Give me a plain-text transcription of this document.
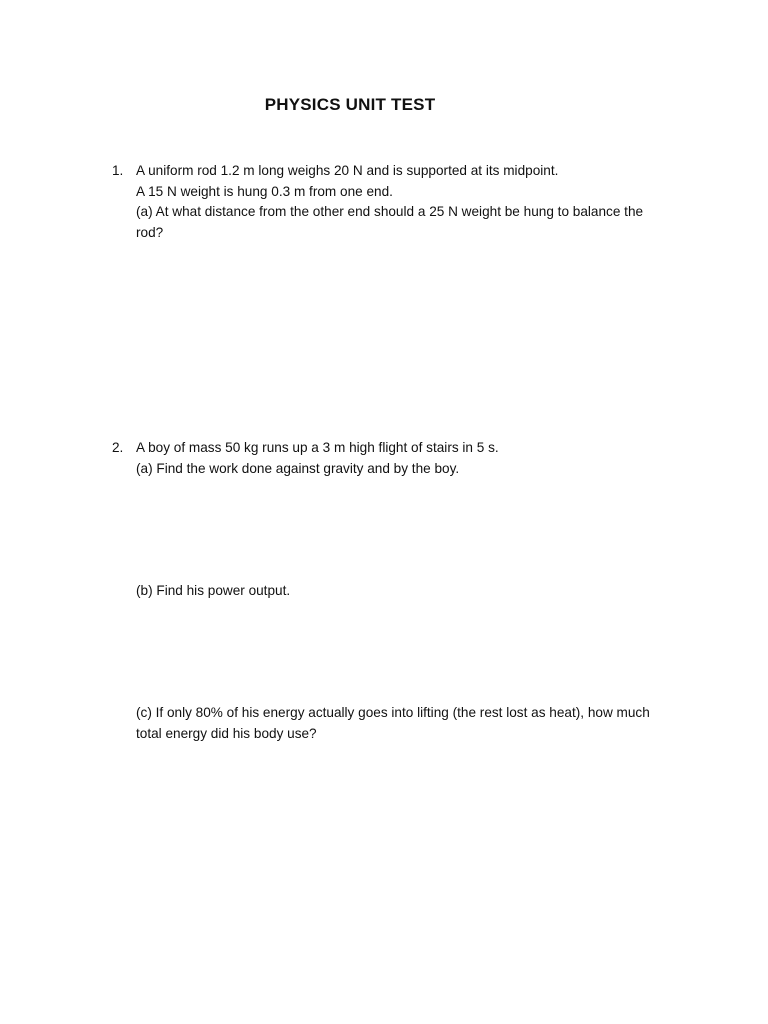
PHYSICS UNIT TEST
1. A uniform rod 1.2 m long weighs 20 N and is supported at its midpoint.
A 15 N weight is hung 0.3 m from one end.
(a) At what distance from the other end should a 25 N weight be hung to balance the rod?
2. A boy of mass 50 kg runs up a 3 m high flight of stairs in 5 s.
(a) Find the work done against gravity and by the boy.
(b) Find his power output.
(c) If only 80% of his energy actually goes into lifting (the rest lost as heat), how much total energy did his body use?
